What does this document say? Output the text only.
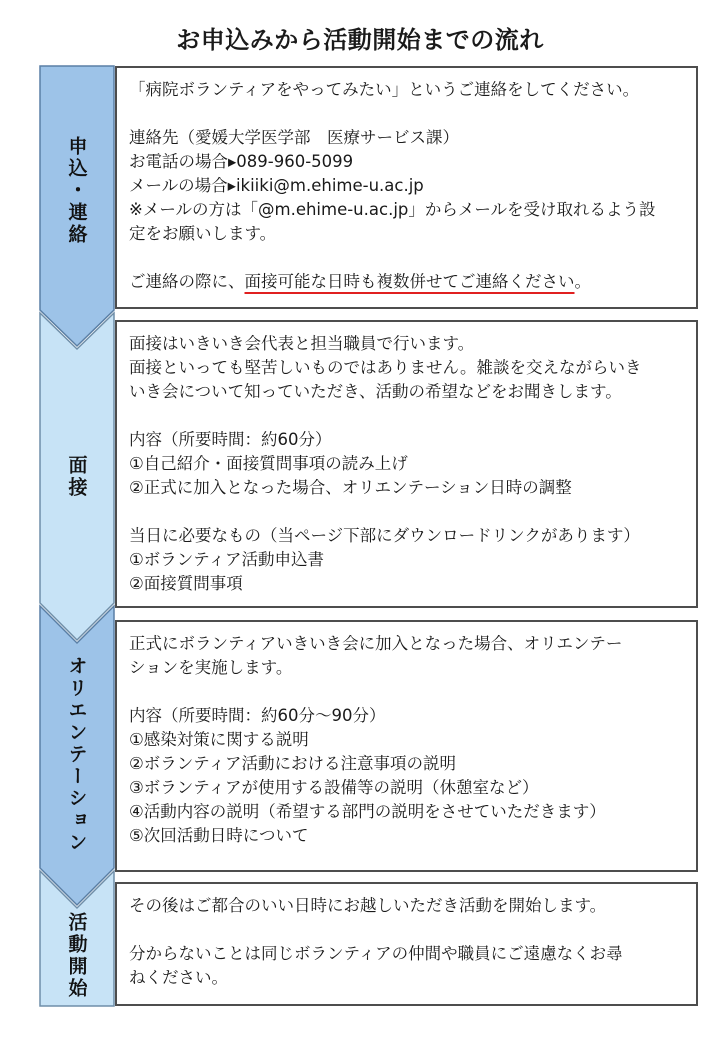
お申込みから活動開始までの流れ
申込・連絡
面接
オリエンテーション
活動開始

「病院ボランティアをやってみたい」というご連絡をしてください。

連絡先（愛媛大学医学部　医療サービス課）

お電話の場合▸089-960-5099

メールの場合▸ikiiki@m.ehime-u.ac.jp

※メールの方は「@m.ehime-u.ac.jp」からメールを受け取れるよう設

定をお願いします。

ご連絡の際に、面接可能な日時も複数併せてご連絡ください。

面接はいきいき会代表と担当職員で行います。

面接といっても堅苦しいものではありません。雑談を交えながらいき

いき会について知っていただき、活動の希望などをお聞きします。

内容（所要時間：約60分）

①自己紹介・面接質問事項の読み上げ

②正式に加入となった場合、オリエンテーション日時の調整

当日に必要なもの（当ページ下部にダウンロードリンクがあります）

①ボランティア活動申込書

②面接質問事項

正式にボランティアいきいき会に加入となった場合、オリエンテー

ションを実施します。

内容（所要時間：約60分～90分）

①感染対策に関する説明

②ボランティア活動における注意事項の説明

③ボランティアが使用する設備等の説明（休憩室など）

④活動内容の説明（希望する部門の説明をさせていただきます）

⑤次回活動日時について

その後はご都合のいい日時にお越しいただき活動を開始します。

分からないことは同じボランティアの仲間や職員にご遠慮なくお尋

ねください。
